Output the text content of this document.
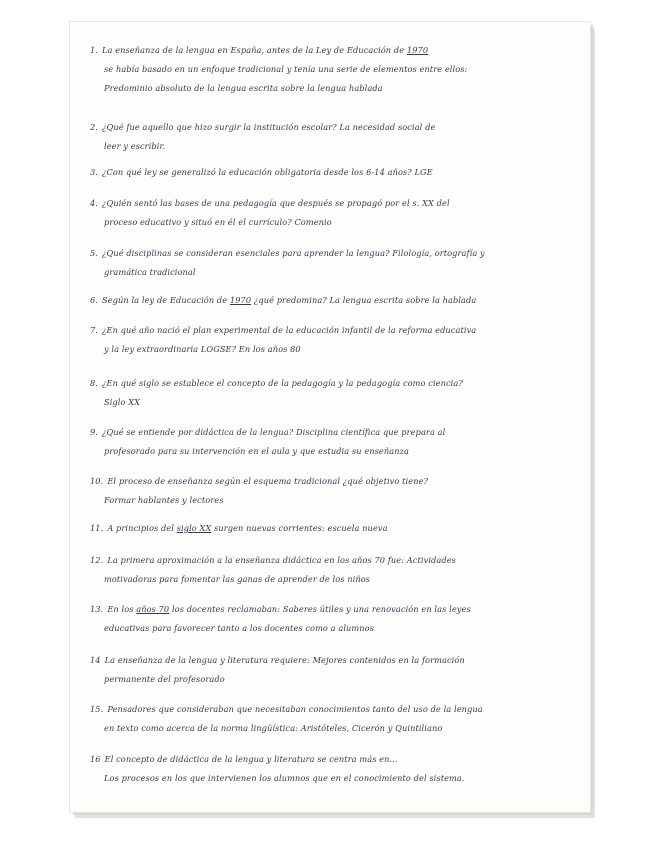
1. La enseñanza de la lengua en España, antes de la Ley de Educación de 1970
se había basado en un enfoque tradicional y tenía una serie de elementos entre ellos:
Predominio absoluto de la lengua escrita sobre la lengua hablada
2. ¿Qué fue aquello que hizo surgir la institución escolar? La necesidad social de
leer y escribir.
3. ¿Con qué ley se generalizó la educación obligatoria desde los 6-14 años? LGE
4. ¿Quién sentó las bases de una pedagogía que después se propagó por el s. XX del
proceso educativo y situó en él el currículo? Comenio
5. ¿Qué disciplinas se consideran esenciales para aprender la lengua? Filología, ortografía y
gramática tradicional
6. Según la ley de Educación de 1970 ¿qué predomina? La lengua escrita sobre la hablada
7. ¿En qué año nació el plan experimental de la educación infantil de la reforma educativa
y la ley extraordinaria LOGSE? En los años 80
8. ¿En qué siglo se establece el concepto de la pedagogía y la pedagogía como ciencia?
Siglo XX
9. ¿Qué se entiende por didáctica de la lengua? Disciplina científica que prepara al
profesorado para su intervención en el aula y que estudia su enseñanza
10. El proceso de enseñanza según el esquema tradicional ¿qué objetivo tiene?
Formar hablantes y lectores
11. A principios del siglo XX surgen nuevas corrientes: escuela nueva
12. La primera aproximación a la enseñanza didáctica en los años 70 fue: Actividades
motivadoras para fomentar las ganas de aprender de los niños
13. En los años 70 los docentes reclamaban: Saberes útiles y una renovación en las leyes
educativas para favorecer tanto a los docentes como a alumnos
14 La enseñanza de la lengua y literatura requiere: Mejores contenidos en la formación
permanente del profesorado
15. Pensadores que consideraban que necesitaban conocimientos tanto del uso de la lengua
en texto como acerca de la norma lingüística: Aristóteles, Cicerón y Quintiliano
16 El concepto de didáctica de la lengua y literatura se centra más en...
Los procesos en los que intervienen los alumnos que en el conocimiento del sistema.
